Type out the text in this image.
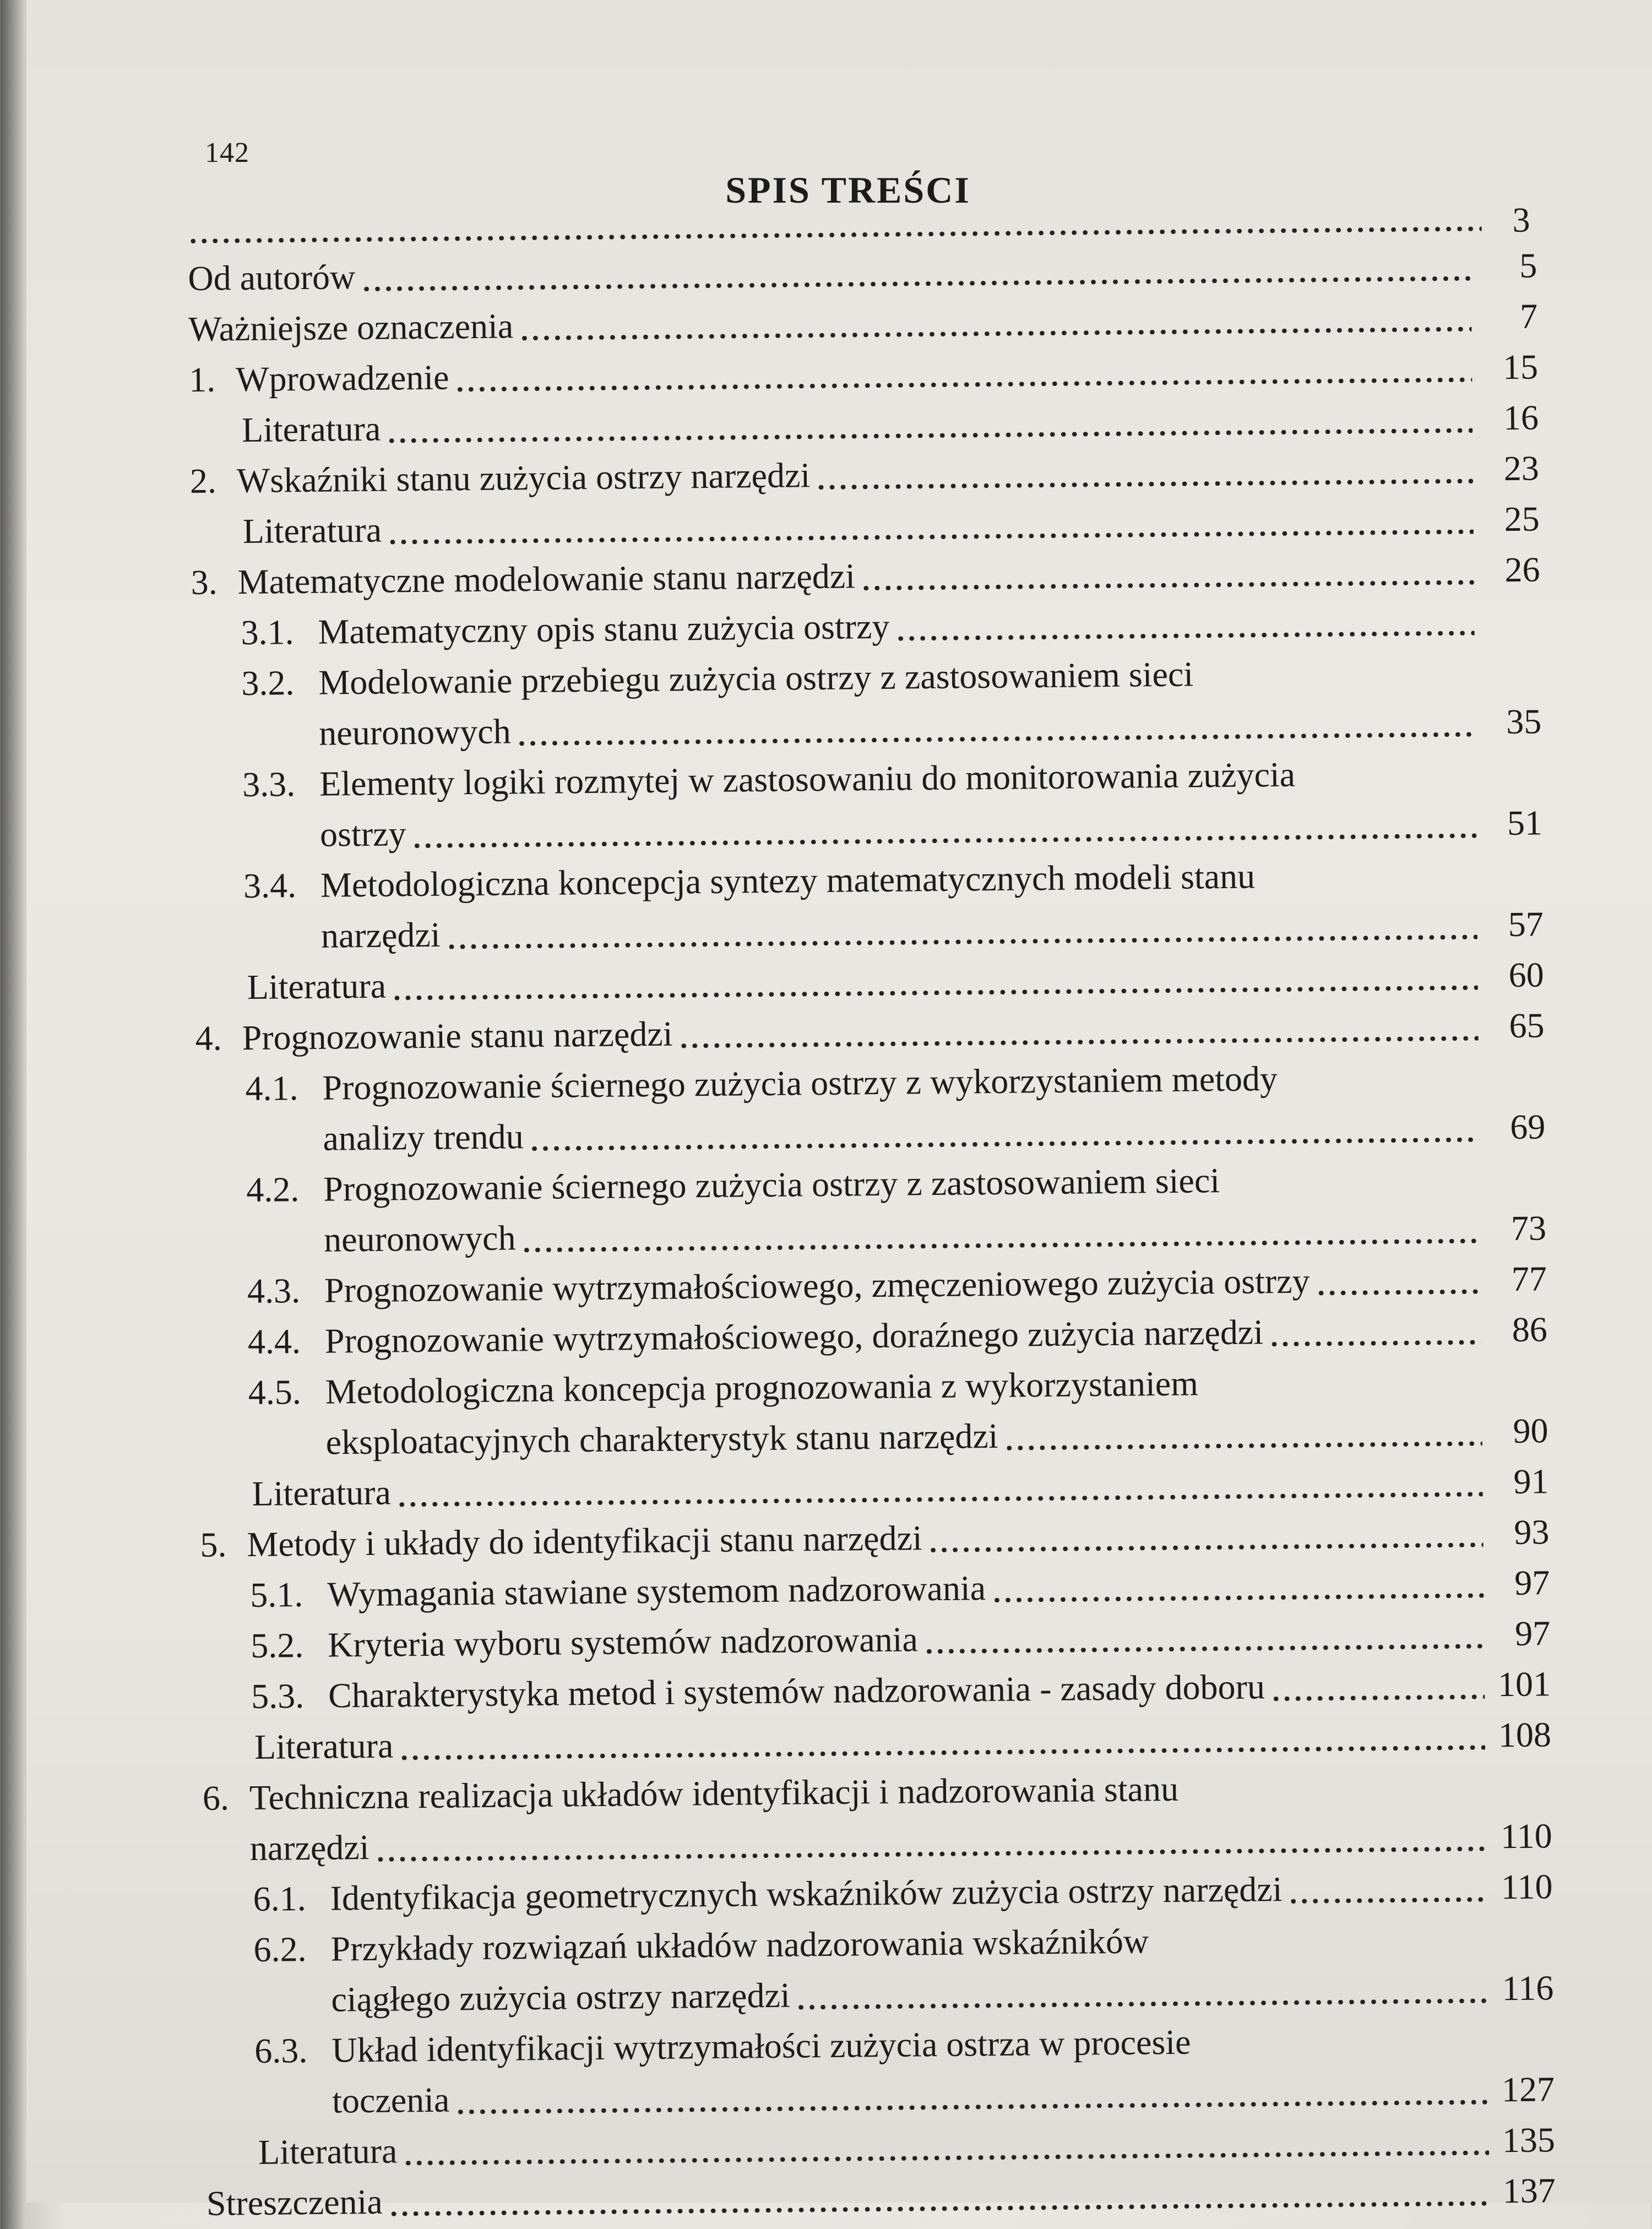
142
SPIS TREŚCI
3
Od autorów	5
Ważniejsze oznaczenia	7
1. Wprowadzenie	15
Literatura	16
2. Wskaźniki stanu zużycia ostrzy narzędzi	23
Literatura	25
3. Matematyczne modelowanie stanu narzędzi	26
3.1. Matematyczny opis stanu zużycia ostrzy
3.2. Modelowanie przebiegu zużycia ostrzy z zastosowaniem sieci
neuronowych	35
3.3. Elementy logiki rozmytej w zastosowaniu do monitorowania zużycia
ostrzy	51
3.4. Metodologiczna koncepcja syntezy matematycznych modeli stanu
narzędzi	57
Literatura	60
4. Prognozowanie stanu narzędzi	65
4.1. Prognozowanie ściernego zużycia ostrzy z wykorzystaniem metody
analizy trendu	69
4.2. Prognozowanie ściernego zużycia ostrzy z zastosowaniem sieci
neuronowych	73
4.3. Prognozowanie wytrzymałościowego, zmęczeniowego zużycia ostrzy	77
4.4. Prognozowanie wytrzymałościowego, doraźnego zużycia narzędzi	86
4.5. Metodologiczna koncepcja prognozowania z wykorzystaniem
eksploatacyjnych charakterystyk stanu narzędzi	90
Literatura	91
5. Metody i układy do identyfikacji stanu narzędzi	93
5.1. Wymagania stawiane systemom nadzorowania	97
5.2. Kryteria wyboru systemów nadzorowania	97
5.3. Charakterystyka metod i systemów nadzorowania - zasady doboru	101
Literatura	108
6. Techniczna realizacja układów identyfikacji i nadzorowania stanu
narzędzi	110
6.1. Identyfikacja geometrycznych wskaźników zużycia ostrzy narzędzi	110
6.2. Przykłady rozwiązań układów nadzorowania wskaźników
ciągłego zużycia ostrzy narzędzi	116
6.3. Układ identyfikacji wytrzymałości zużycia ostrza w procesie
toczenia	127
Literatura	135
Streszczenia	137
